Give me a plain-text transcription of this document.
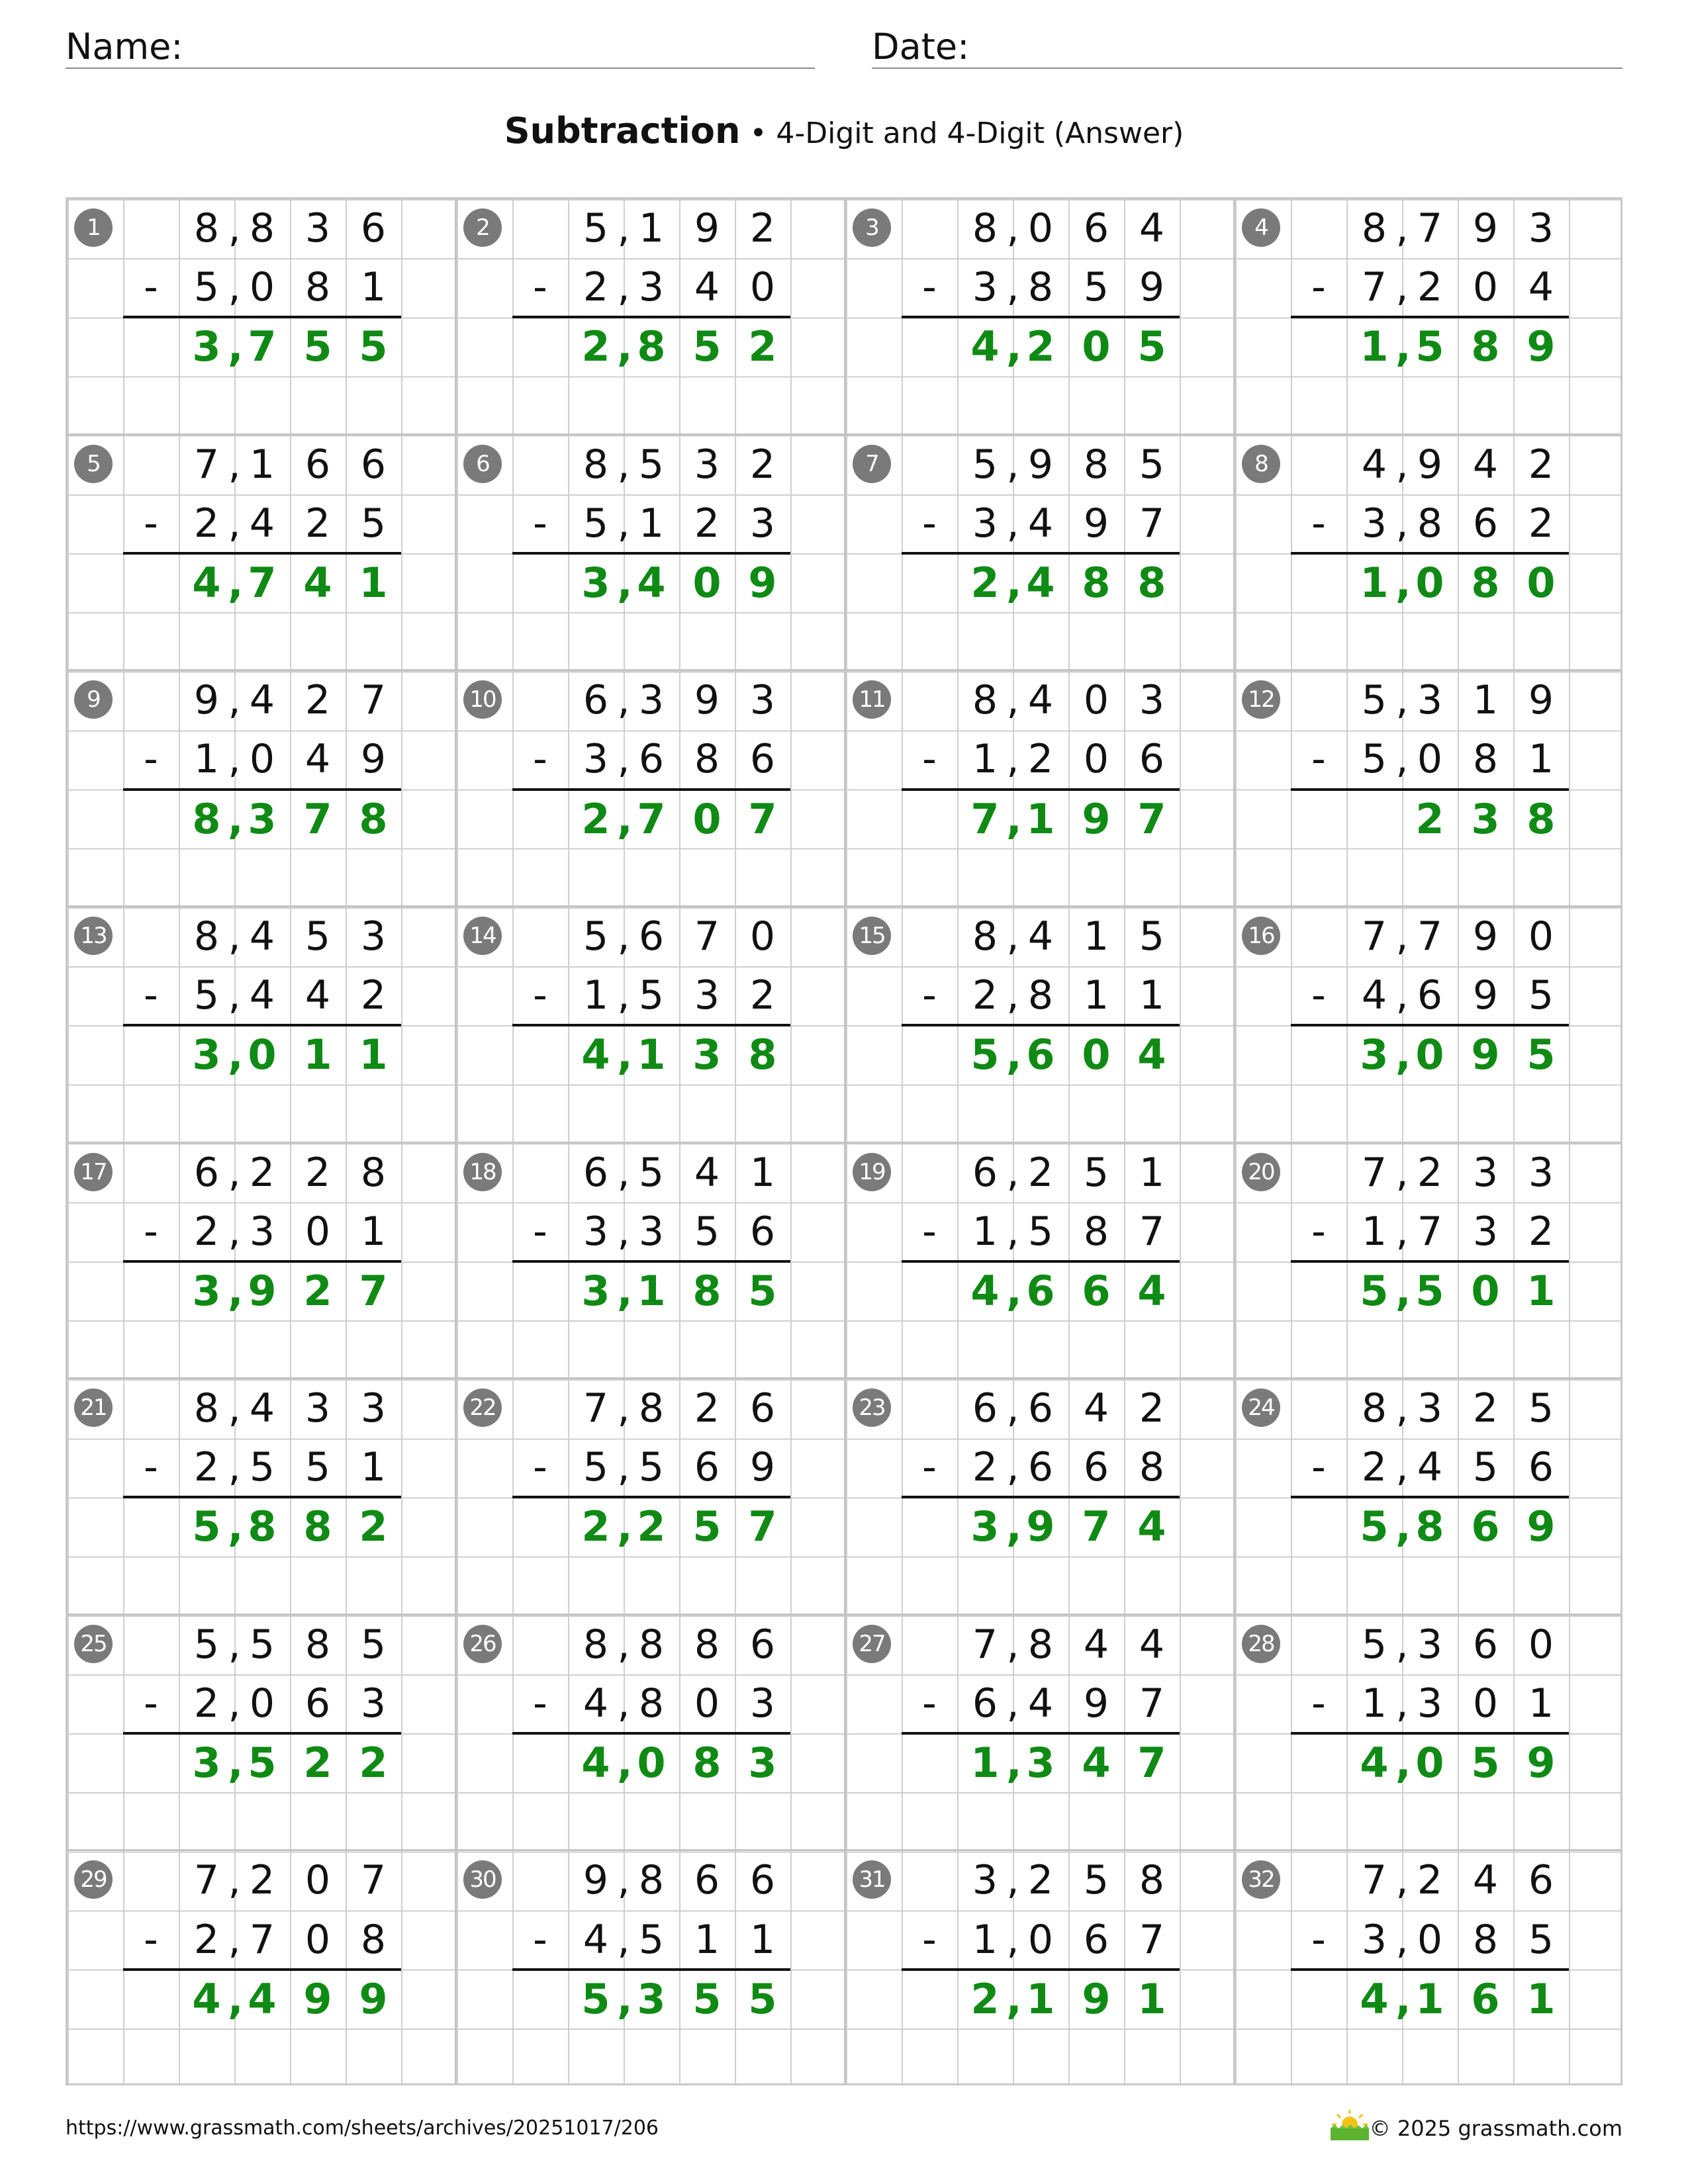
Name:	Date:
Subtraction • 4-Digit and 4-Digit (Answer)
1	8 8 3 6
,
- 5 0 8 1
,
3 7 5 5
,
2	5 1 9 2
,
- 2 3 4 0
,
2 8 5 2
,
3	8 0 6 4
,
- 3 8 5 9
,
4 2 0 5
,
4	8 7 9 3
,
- 7 2 0 4
,
1 5 8 9
,
5	7 1 6 6
,
- 2 4 2 5
,
4 7 4 1
,
6	8 5 3 2
,
- 5 1 2 3
,
3 4 0 9
,
7	5 9 8 5
,
- 3 4 9 7
,
2 4 8 8
,
8	4 9 4 2
,
- 3 8 6 2
,
1 0 8 0
,
9	9 4 2 7
,
- 1 0 4 9
,
8 3 7 8
,
10	6 3 9 3
,
- 3 6 8 6
,
2 7 0 7
,
11	8 4 0 3
,
- 1 2 0 6
,
7 1 9 7
,
12	5 3 1 9
,
- 5 0 8 1
,
2 3 8
13	8 4 5 3
,
- 5 4 4 2
,
3 0 1 1
,
14	5 6 7 0
,
- 1 5 3 2
,
4 1 3 8
,
15	8 4 1 5
,
- 2 8 1 1
,
5 6 0 4
,
16	7 7 9 0
,
- 4 6 9 5
,
3 0 9 5
,
17	6 2 2 8
,
- 2 3 0 1
,
3 9 2 7
,
18	6 5 4 1
,
- 3 3 5 6
,
3 1 8 5
,
19	6 2 5 1
,
- 1 5 8 7
,
4 6 6 4
,
20	7 2 3 3
,
- 1 7 3 2
,
5 5 0 1
,
21	8 4 3 3
,
- 2 5 5 1
,
5 8 8 2
,
22	7 8 2 6
,
- 5 5 6 9
,
2 2 5 7
,
23	6 6 4 2
,
- 2 6 6 8
,
3 9 7 4
,
24	8 3 2 5
,
- 2 4 5 6
,
5 8 6 9
,
25	5 5 8 5
,
- 2 0 6 3
,
3 5 2 2
,
26	8 8 8 6
,
- 4 8 0 3
,
4 0 8 3
,
27	7 8 4 4
,
- 6 4 9 7
,
1 3 4 7
,
28	5 3 6 0
,
- 1 3 0 1
,
4 0 5 9
,
29	7 2 0 7
,
- 2 7 0 8
,
4 4 9 9
,
30	9 8 6 6
,
- 4 5 1 1
,
5 3 5 5
,
31	3 2 5 8
,
- 1 0 6 7
,
2 1 9 1
,
32	7 2 4 6
,
- 3 0 8 5
,
4 1 6 1
,
https://www.grassmath.com/sheets/archives/20251017/206	© 2025 grassmath.com
